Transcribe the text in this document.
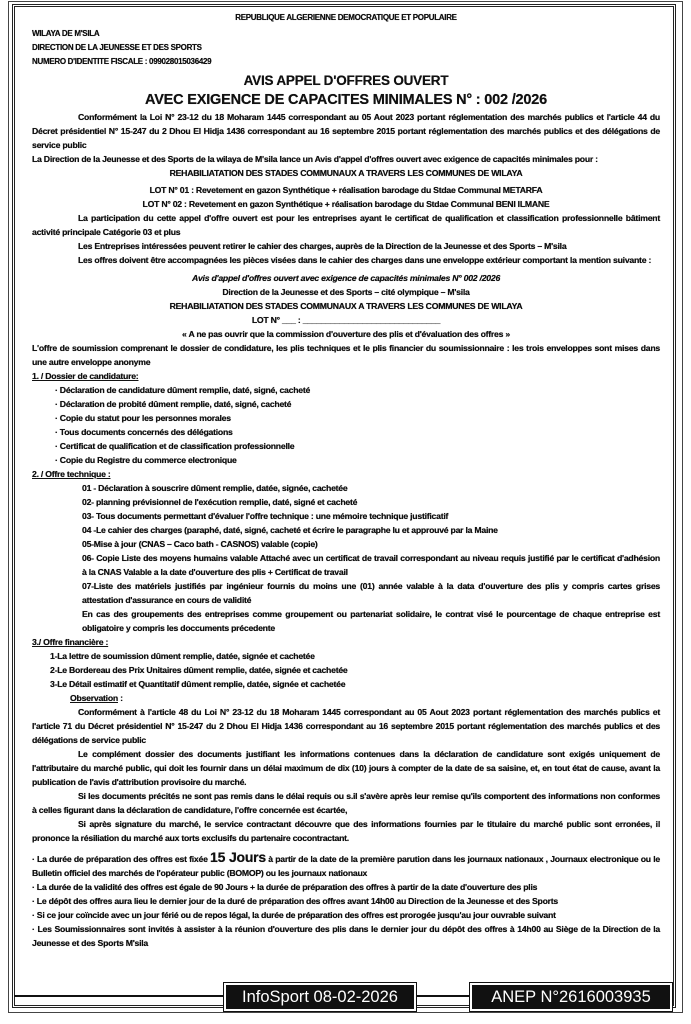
REPUBLIQUE ALGERIENNE DEMOCRATIQUE ET POPULAIRE
WILAYA DE M'SILA
DIRECTION DE LA JEUNESSE ET DES SPORTS
NUMERO D'IDENTITE FISCALE : 099028015036429
AVIS APPEL D'OFFRES OUVERT
AVEC EXIGENCE DE CAPACITES MINIMALES N° : 002 /2026
Conformément la Loi N° 23-12 du 18 Moharam 1445 correspondant au 05 Aout 2023 portant réglementation des marchés publics et l'article 44 du Décret présidentiel N° 15-247 du 2 Dhou El Hidja 1436 correspondant au 16 septembre 2015 portant réglementation des marchés publics et des délégations de service public
La Direction de la Jeunesse et des Sports de la wilaya de M'sila lance un Avis d'appel d'offres ouvert avec exigence de capacités minimales pour :
REHABILIATATION DES STADES COMMUNAUX A TRAVERS LES COMMUNES DE WILAYA
LOT N° 01 : Revetement en gazon Synthétique + réalisation barodage du Stdae Communal METARFA
LOT N° 02 : Revetement en gazon Synthétique + réalisation barodage du Stdae Communal BENI ILMANE
La participation du cette appel d'offre ouvert est pour les entreprises ayant le certificat de qualification et classification professionnelle bâtiment activité principale Catégorie 03 et plus
Les Entreprises intéressées peuvent retirer le cahier des charges, auprès de la Direction de la Jeunesse et des Sports – M'sila
Les offres doivent être accompagnées les pièces visées dans le cahier des charges dans une enveloppe extérieur comportant la mention suivante :
Avis d'appel d'offres ouvert avec exigence de capacités minimales N° 002 /2026
Direction de la Jeunesse et des Sports – cité olympique – M'sila
REHABILIATATION DES STADES COMMUNAUX A TRAVERS LES COMMUNES DE WILAYA
LOT N° ___ : ______________________________
« A ne pas ouvrir que la commission d'ouverture des plis et d'évaluation des offres »
L'offre de soumission comprenant le dossier de condidature, les plis techniques et le plis financier du soumissionnaire : les trois enveloppes sont mises dans une autre enveloppe anonyme
1. / Dossier de candidature:
· Déclaration de candidature dûment remplie, daté, signé, cacheté
· Déclaration de probité dûment remplie, daté, signé, cacheté
· Copie du statut pour les personnes morales
· Tous documents concernés des délégations
· Certificat de qualification et de classification professionnelle
· Copie du Registre du commerce electronique
2. / Offre technique :
01 - Déclaration à souscrire dûment remplie, datée, signée, cachetée
02- planning prévisionnel de l'exécution remplie, daté, signé et cacheté
03- Tous documents permettant d'évaluer l'offre technique : une mémoire technique justificatif
04 -Le cahier des charges (paraphé, daté, signé, cacheté et écrire le paragraphe lu et approuvé par la Maine
05-Mise à jour (CNAS – Caco bath - CASNOS) valable (copie)
06- Copie Liste des moyens humains valable Attaché avec un certificat de travail correspondant au niveau requis justifié par le certificat d'adhésion à la CNAS Valable a la date d'ouverture des plis + Certificat de travail
07-Liste des matériels justifiés par ingénieur fournis du moins une (01) année valable à la data d'ouverture des plis y compris cartes grises attestation d'assurance en cours de validité
En cas des groupements des entreprises comme groupement ou partenariat solidaire, le contrat visé le pourcentage de chaque entreprise est obligatoire y compris les doccuments précedente
3./ Offre financière :
1-La lettre de soumission dûment remplie, datée, signée et cachetée
2-Le Bordereau des Prix Unitaires dûment remplie, datée, signée et cachetée
3-Le Détail estimatif et Quantitatif dûment remplie, datée, signée et cachetée
Observation :
Conformément à l'article 48 du Loi N° 23-12 du 18 Moharam 1445 correspondant au 05 Aout 2023 portant réglementation des marchés publics et l'article 71 du Décret présidentiel N° 15-247 du 2 Dhou El Hidja 1436 correspondant au 16 septembre 2015 portant réglementation des marchés publics et des délégations de service public
Le complément dossier des documents justifiant les informations contenues dans la déclaration de candidature sont exigés uniquement de l'attributaire du marché public, qui doit les fournir dans un délai maximum de dix (10) jours à compter de la date de sa saisine, et, en tout état de cause, avant la publication de l'avis d'attribution provisoire du marché.
Si les documents précités ne sont pas remis dans le délai requis ou s.il s'avère après leur remise qu'ils comportent des informations non conformes à celles figurant dans la déclaration de candidature, l'offre concernée est écartée,
Si après signature du marché, le service contractant découvre que des informations fournies par le titulaire du marché public sont erronées, il prononce la résiliation du marché aux torts exclusifs du partenaire cocontractant.
· La durée de préparation des offres est fixée 15 Jours à partir de la date de la première parution dans les journaux nationaux , Journaux electronique ou le Bulletin officiel des marchés de l'opérateur public (BOMOP) ou les journaux nationaux
· La durée de la validité des offres est égale de 90 Jours + la durée de préparation des offres à partir de la date d'ouverture des plis
· Le dépôt des offres aura lieu le dernier jour de la duré de préparation des offres avant 14h00 au Direction de la Jeunesse et des Sports
· Si ce jour coïncide avec un jour férié ou de repos légal, la durée de préparation des offres est prorogée jusqu'au jour ouvrable suivant
· Les Soumissionnaires sont invités à assister à la réunion d'ouverture des plis dans le dernier jour du dépôt des offres à 14h00 au Siège de la Direction de la Jeunesse et des Sports M'sila
InfoSport 08-02-2026	ANEP N°2616003935
